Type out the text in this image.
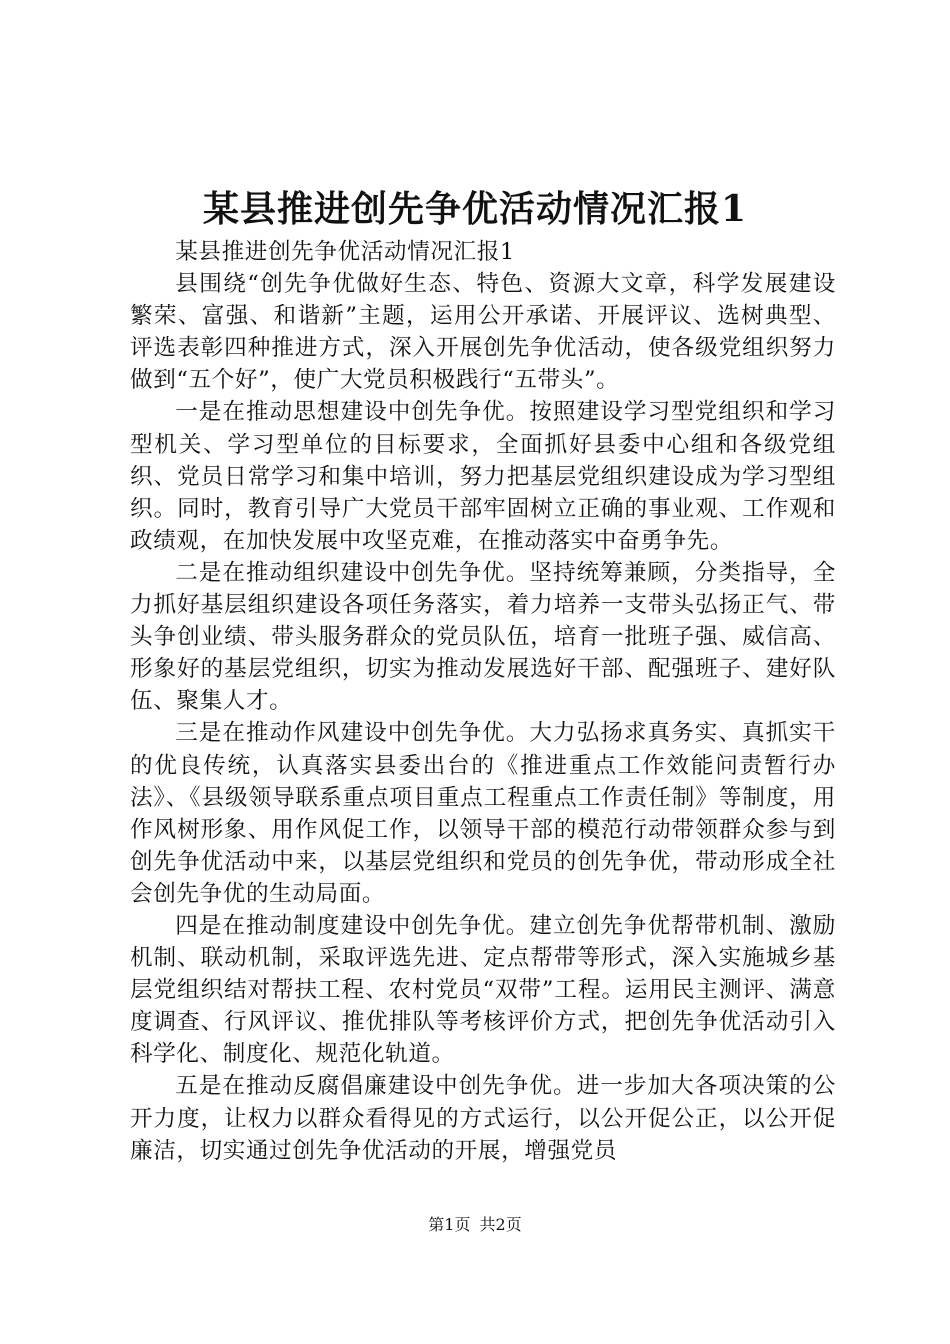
某县推进创先争优活动情况汇报1

某县推进创先争优活动情况汇报1

县围绕“创先争优做好生态、特色、资源大文章，科学发展建设繁荣、富强、和谐新”主题，运用公开承诺、开展评议、选树典型、评选表彰四种推进方式，深入开展创先争优活动，使各级党组织努力做到“五个好”，使广大党员积极践行“五带头”。

一是在推动思想建设中创先争优。按照建设学习型党组织和学习型机关、学习型单位的目标要求，全面抓好县委中心组和各级党组织、党员日常学习和集中培训，努力把基层党组织建设成为学习型组织。同时，教育引导广大党员干部牢固树立正确的事业观、工作观和政绩观，在加快发展中攻坚克难，在推动落实中奋勇争先。

二是在推动组织建设中创先争优。坚持统筹兼顾，分类指导，全力抓好基层组织建设各项任务落实，着力培养一支带头弘扬正气、带头争创业绩、带头服务群众的党员队伍，培育一批班子强、威信高、形象好的基层党组织，切实为推动发展选好干部、配强班子、建好队伍、聚集人才。

三是在推动作风建设中创先争优。大力弘扬求真务实、真抓实干的优良传统，认真落实县委出台的《推进重点工作效能问责暂行办法》、《县级领导联系重点项目重点工程重点工作责任制》等制度，用作风树形象、用作风促工作，以领导干部的模范行动带领群众参与到创先争优活动中来，以基层党组织和党员的创先争优，带动形成全社会创先争优的生动局面。

四是在推动制度建设中创先争优。建立创先争优帮带机制、激励机制、联动机制，采取评选先进、定点帮带等形式，深入实施城乡基层党组织结对帮扶工程、农村党员“双带”工程。运用民主测评、满意度调查、行风评议、推优排队等考核评价方式，把创先争优活动引入科学化、制度化、规范化轨道。

五是在推动反腐倡廉建设中创先争优。进一步加大各项决策的公开力度，让权力以群众看得见的方式运行，以公开促公正，以公开促廉洁，切实通过创先争优活动的开展，增强党员

第1页 共2页
